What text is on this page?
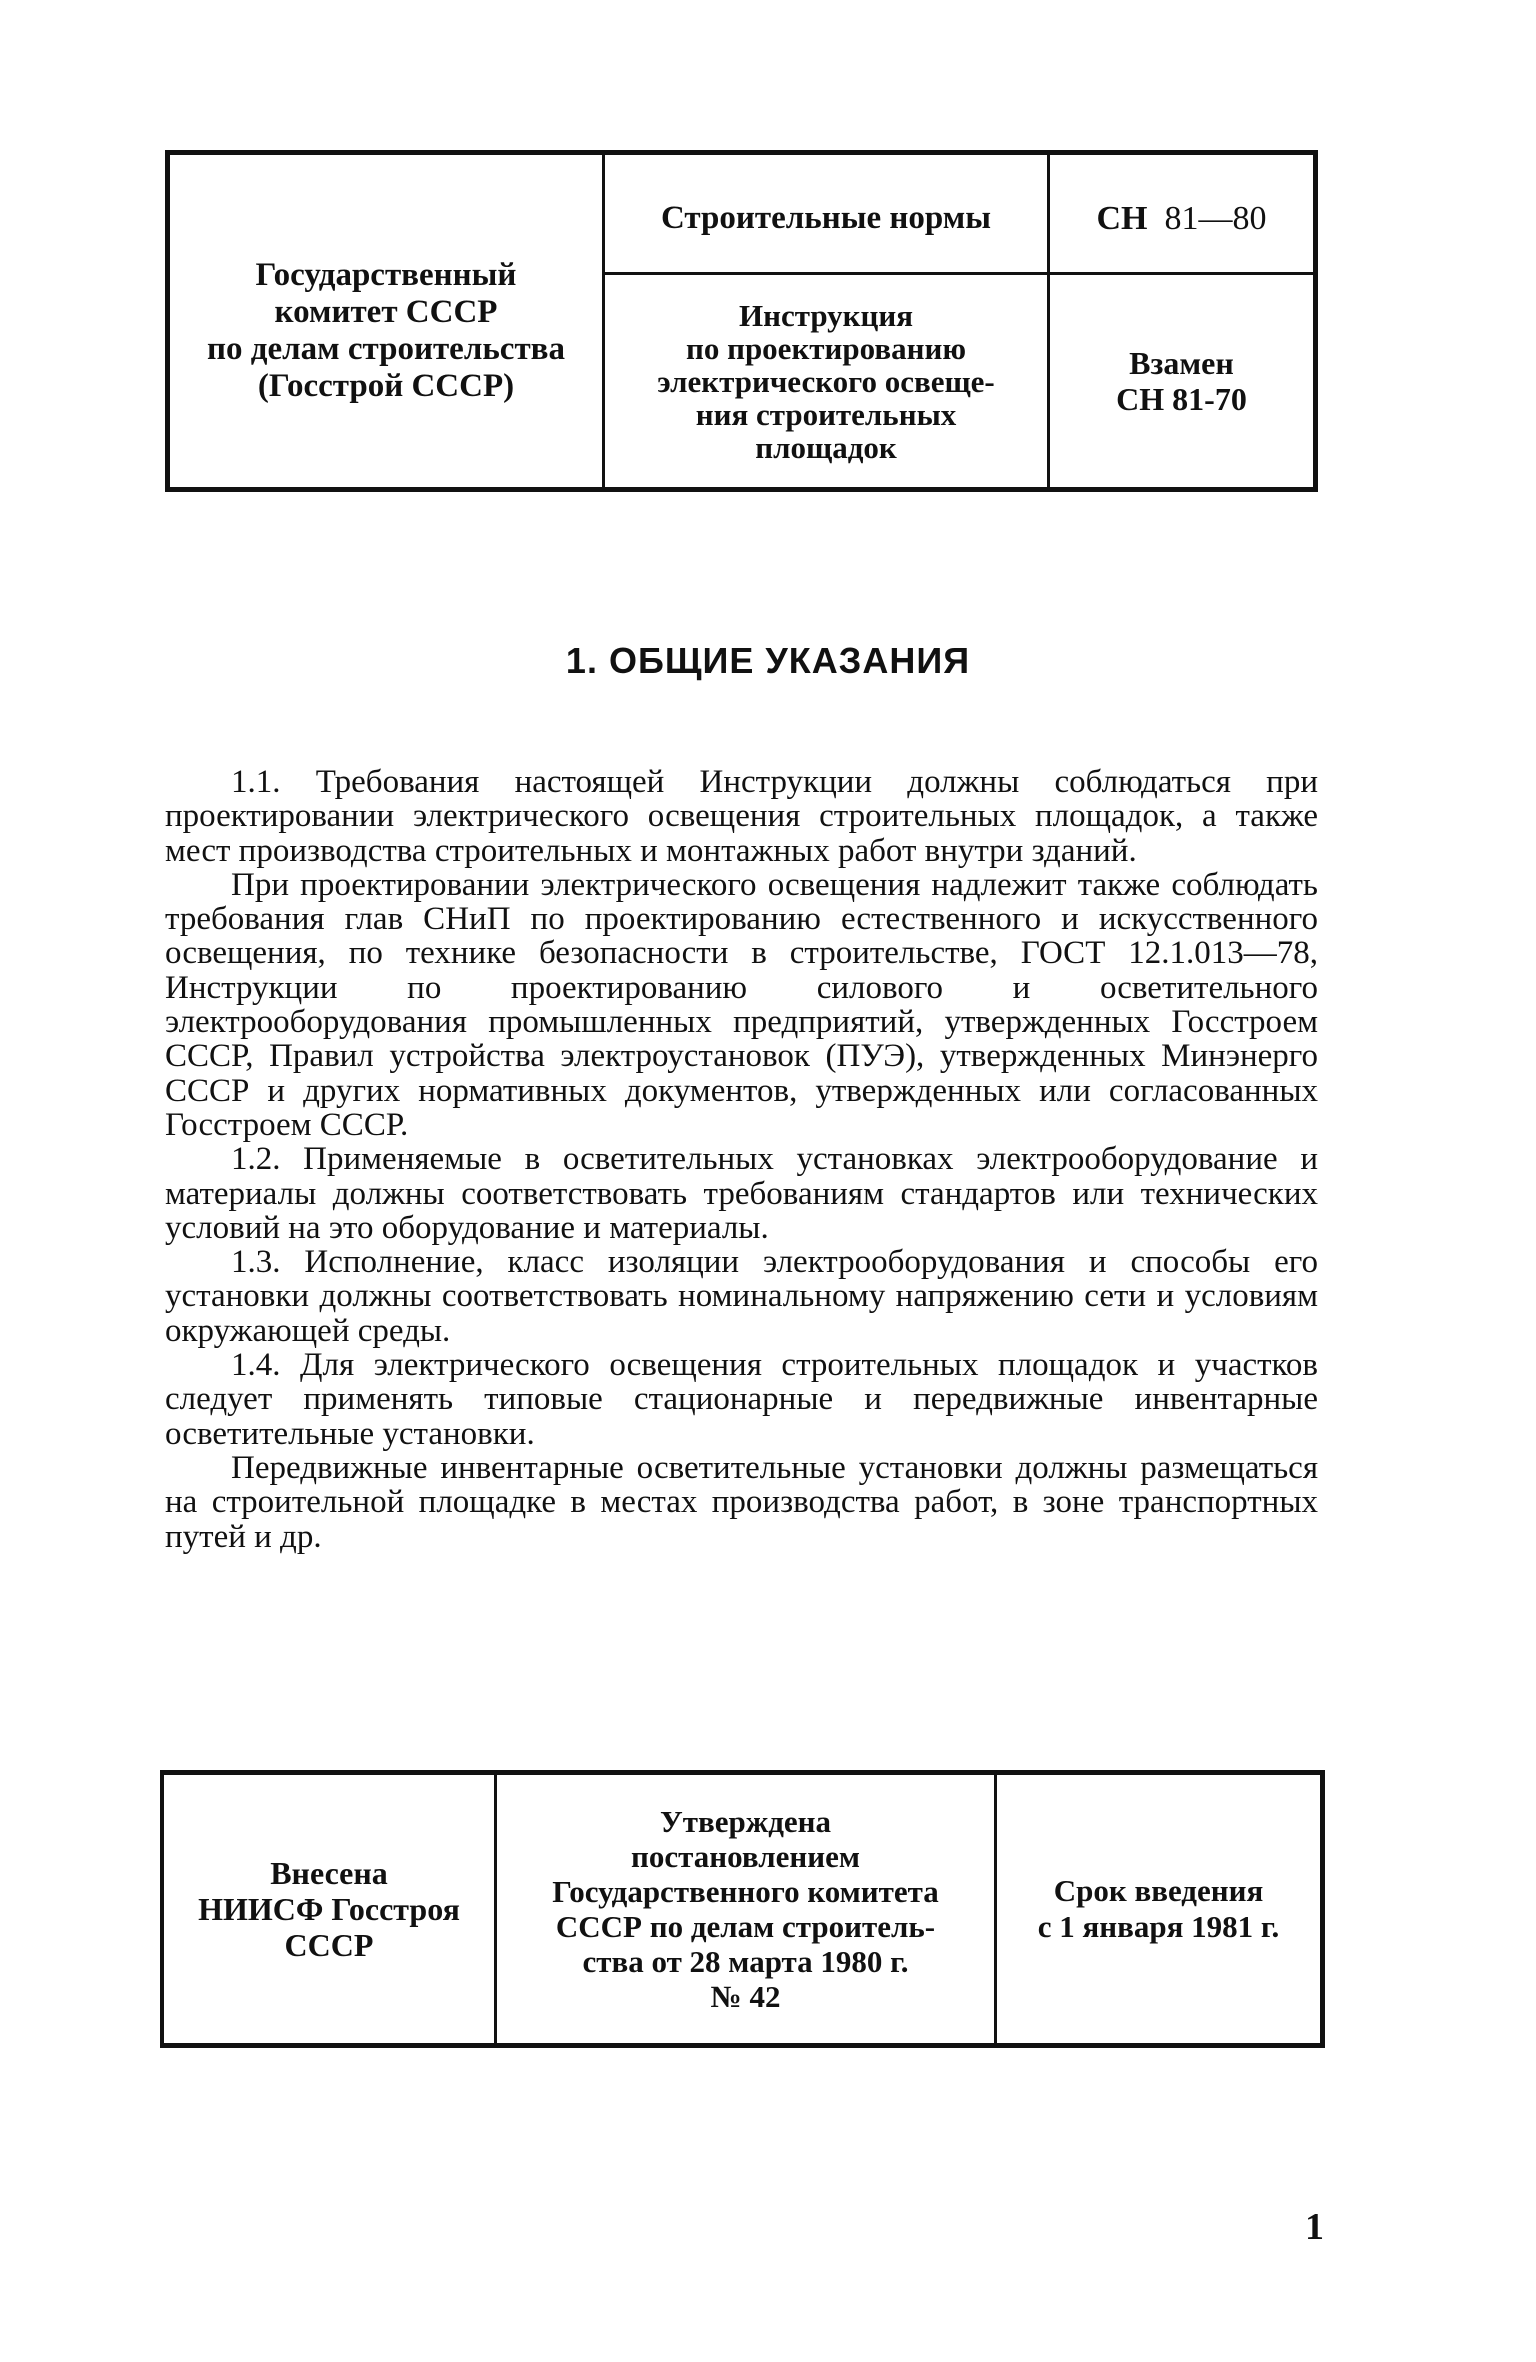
Государственный
комитет СССР
по делам строительства
(Госстрой СССР)
Строительные нормы	СН 81—80
Инструкция
по проектированию
электрического освеще-
ния строительных
площадок
Взамен
СН 81-70
1. ОБЩИЕ УКАЗАНИЯ

1.1. Требования настоящей Инструкции должны соблюдаться при проектировании электрического освещения строительных площадок, а также мест производства строительных и монтажных работ внутри зданий.

При проектировании электрического освещения надлежит также соблюдать требования глав СНиП по проектированию естественного и искусственного освещения, по технике безопасности в строительстве, ГОСТ 12.1.013—78, Инструкции по проектированию силового и осветительного электрооборудования промышленных предприятий, утвержденных Госстроем СССР, Правил устройства электроустановок (ПУЭ), утвержденных Минэнерго СССР и других нормативных документов, утвержденных или согласованных Госстроем СССР.

1.2. Применяемые в осветительных установках электрооборудование и материалы должны соответствовать требованиям стандартов или технических условий на это оборудование и материалы.

1.3. Исполнение, класс изоляции электрооборудования и способы его установки должны соответствовать номинальному напряжению сети и условиям окружающей среды.

1.4. Для электрического освещения строительных площадок и участков следует применять типовые стационарные и передвижные инвентарные осветительные установки.

Передвижные инвентарные осветительные установки должны размещаться на строительной площадке в местах производства работ, в зоне транспортных путей и др.

Внесена
НИИСФ Госстроя
СССР
Утверждена
постановлением
Государственного комитета
СССР по делам строитель-
ства от 28 марта 1980 г.
№ 42
Срок введения
с 1 января 1981 г.
1
